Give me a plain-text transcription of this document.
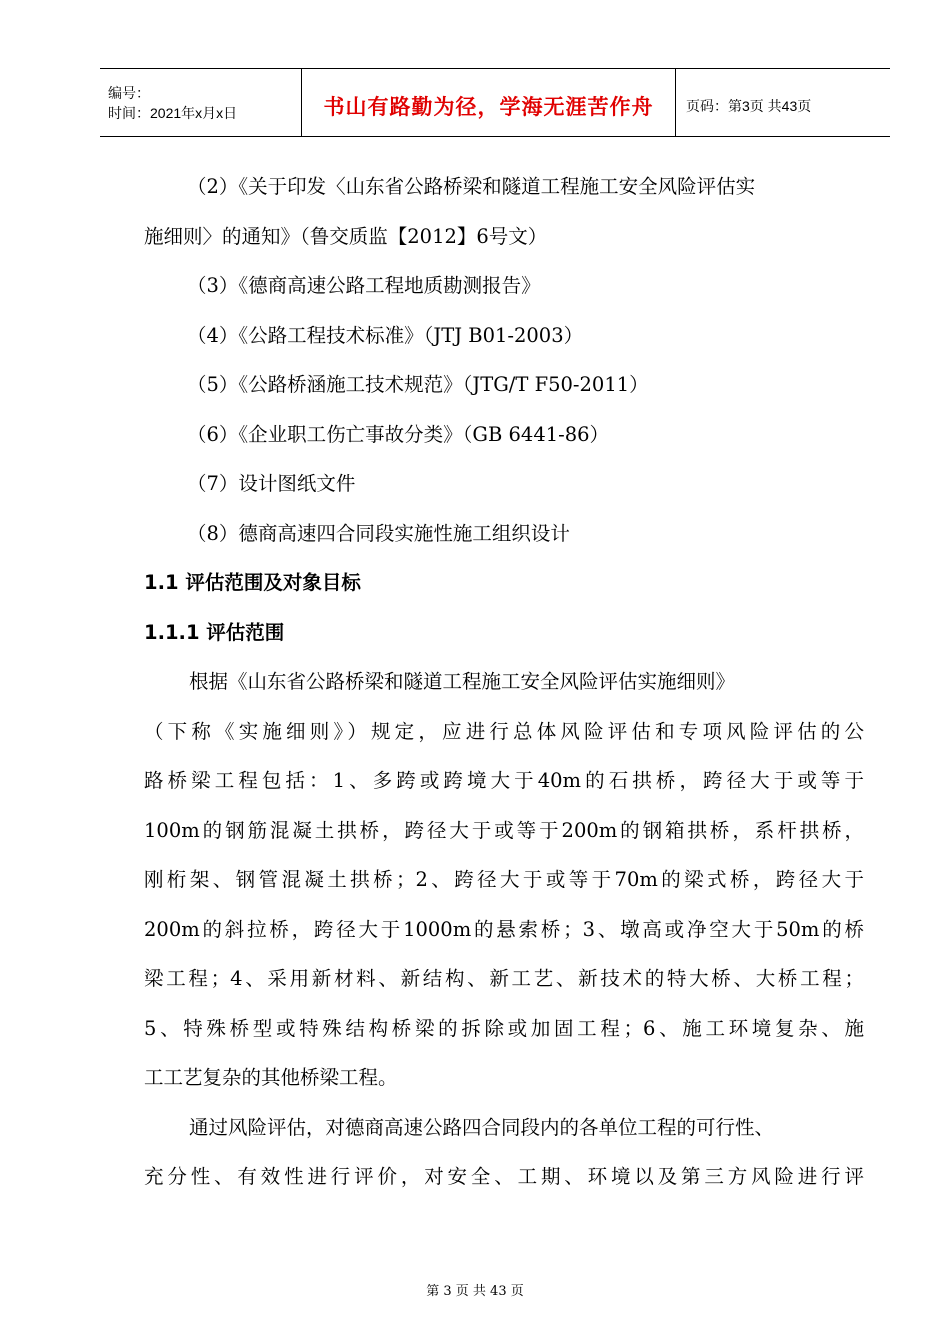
编号：
时间：2021年x月x日	书山有路勤为径，学海无涯苦作舟	页码：第3页 共43页
（2）《关于印发〈山东省公路桥梁和隧道工程施工安全风险评估实
施细则〉的通知》（鲁交质监【2012】6号文）
（3）《德商高速公路工程地质勘测报告》
（4）《公路工程技术标准》（JTJ B01-2003）
（5）《公路桥涵施工技术规范》（JTG/T F50-2011）
（6）《企业职工伤亡事故分类》（GB 6441-86）
（7）设计图纸文件
（8）德商高速四合同段实施性施工组织设计
1.1 评估范围及对象目标
1.1.1 评估范围
根据《山东省公路桥梁和隧道工程施工安全风险评估实施细则》
（下称《实施细则》）规定，应进行总体风险评估和专项风险评估的公
路桥梁工程包括：1、多跨或跨境大于40m的石拱桥，跨径大于或等于
100m的钢筋混凝土拱桥，跨径大于或等于200m的钢箱拱桥，系杆拱桥，
刚桁架、钢管混凝土拱桥；2、跨径大于或等于70m的梁式桥，跨径大于
200m的斜拉桥，跨径大于1000m的悬索桥；3、墩高或净空大于50m的桥
梁工程；4、采用新材料、新结构、新工艺、新技术的特大桥、大桥工程；
5、特殊桥型或特殊结构桥梁的拆除或加固工程；6、施工环境复杂、施
工工艺复杂的其他桥梁工程。
通过风险评估，对德商高速公路四合同段内的各单位工程的可行性、
充分性、有效性进行评价，对安全、工期、环境以及第三方风险进行评
第 3 页 共 43 页
